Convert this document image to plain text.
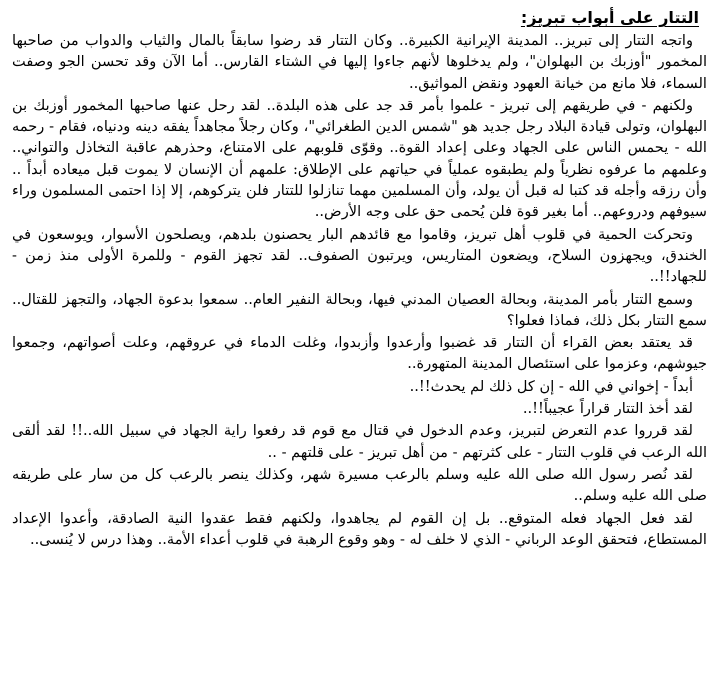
التتار على أبواب تبريز:

واتجه التتار إلى تبريز.. المدينة الإيرانية الكبيرة.. وكان التتار قد رضوا سابقاً بالمال والثياب والدواب من صاحبها المخمور "أوزبك بن البهلوان"، ولم يدخلوها لأنهم جاءوا إليها في الشتاء القارس.. أما الآن وقد تحسن الجو وصفت السماء، فلا مانع من خيانة العهود ونقض المواثيق..

ولكنهم - في طريقهم إلى تبريز - علموا بأمر قد جد على هذه البلدة.. لقد رحل عنها صاحبها المخمور أوزبك بن البهلوان، وتولى قيادة البلاد رجل جديد هو "شمس الدين الطغرائي"، وكان رجلاً مجاهداً يفقه دينه ودنياه، فقام - رحمه الله - يحمس الناس على الجهاد وعلى إعداد القوة.. وقوّى قلوبهم على الامتناع، وحذرهم عاقبة التخاذل والتواني.. وعلمهم ما عرفوه نظرياً ولم يطبقوه عملياً في حياتهم على الإطلاق: علمهم أن الإنسان لا يموت قبل ميعاده أبداً .. وأن رزقه وأجله قد كتبا له قبل أن يولد، وأن المسلمين مهما تنازلوا للتتار فلن يتركوهم، إلا إذا احتمى المسلمون وراء سيوفهم ودروعهم.. أما بغير قوة فلن يُحمى حق على وجه الأرض..

وتحركت الحمية في قلوب أهل تبريز، وقاموا مع قائدهم البار يحصنون بلدهم، ويصلحون الأسوار، ويوسعون في الخندق، ويجهزون السلاح، ويضعون المتاريس، ويرتبون الصفوف.. لقد تجهز القوم - وللمرة الأولى منذ زمن - للجهاد!!..

وسمع التتار بأمر المدينة، وبحالة العصيان المدني فيها، وبحالة النفير العام.. سمعوا بدعوة الجهاد، والتجهز للقتال.. سمع التتار بكل ذلك، فماذا فعلوا؟

قد يعتقد بعض القراء أن التتار قد غضبوا وأرعدوا وأزبدوا، وغلت الدماء في عروقهم، وعلت أصواتهم، وجمعوا جيوشهم، وعزموا على استئصال المدينة المتهورة..

أبداً - إخواني في الله - إن كل ذلك لم يحدث!!..

لقد أخذ التتار قراراً عجيباً!!..

لقد قرروا عدم التعرض لتبريز، وعدم الدخول في قتال مع قوم قد رفعوا راية الجهاد في سبيل الله..!! لقد ألقى الله الرعب في قلوب التتار - على كثرتهم - من أهل تبريز - على قلتهم - ..

لقد نُصر رسول الله صلى الله عليه وسلم بالرعب مسيرة شهر، وكذلك ينصر بالرعب كل من سار على طريقه صلى الله عليه وسلم..

لقد فعل الجهاد فعله المتوقع.. بل إن القوم لم يجاهدوا، ولكنهم فقط عقدوا النية الصادقة، وأعدوا الإعداد المستطاع، فتحقق الوعد الرباني - الذي لا خلف له - وهو وقوع الرهبة في قلوب أعداء الأمة.. وهذا درس لا يُنسى..
